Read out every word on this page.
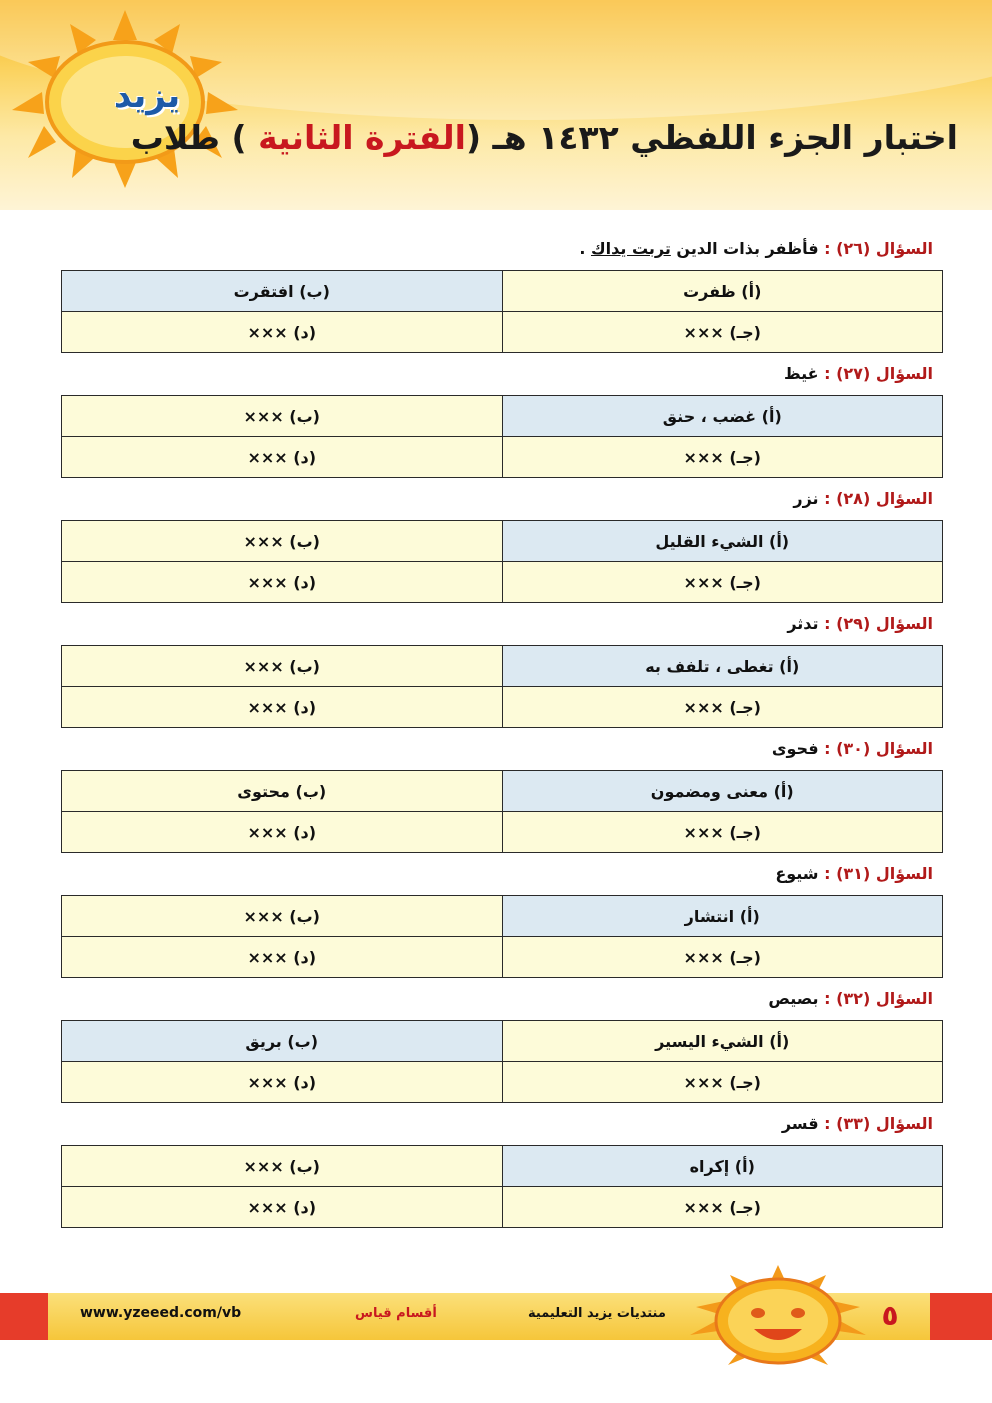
يزيد
اختبار الجزء اللفظي ١٤٣٢ هـ (الفترة الثانية ) طلاب
السؤال (٢٦) : فأظفر بذات الدين تربت يداك .
(أ) ظفرت	(ب) افتقرت
(جـ) ×××	(د) ×××
السؤال (٢٧) : غيظ
(أ) غضب ، حنق	(ب) ×××
(جـ) ×××	(د) ×××
السؤال (٢٨) : نزر
(أ) الشيء القليل	(ب) ×××
(جـ) ×××	(د) ×××
السؤال (٢٩) : تدثر
(أ) تغطى ، تلفف به	(ب) ×××
(جـ) ×××	(د) ×××
السؤال (٣٠) : فحوى
(أ) معنى ومضمون	(ب) محتوى
(جـ) ×××	(د) ×××
السؤال (٣١) : شيوع
(أ) انتشار	(ب) ×××
(جـ) ×××	(د) ×××
السؤال (٣٢) : بصيص
(أ) الشيء اليسير	(ب) بريق
(جـ) ×××	(د) ×××
السؤال (٣٣) : قسر
(أ) إكراه	(ب) ×××
(جـ) ×××	(د) ×××
www.yzeeed.com/vb	أقسام قياس	منتديات يزيد التعليمية	٥
